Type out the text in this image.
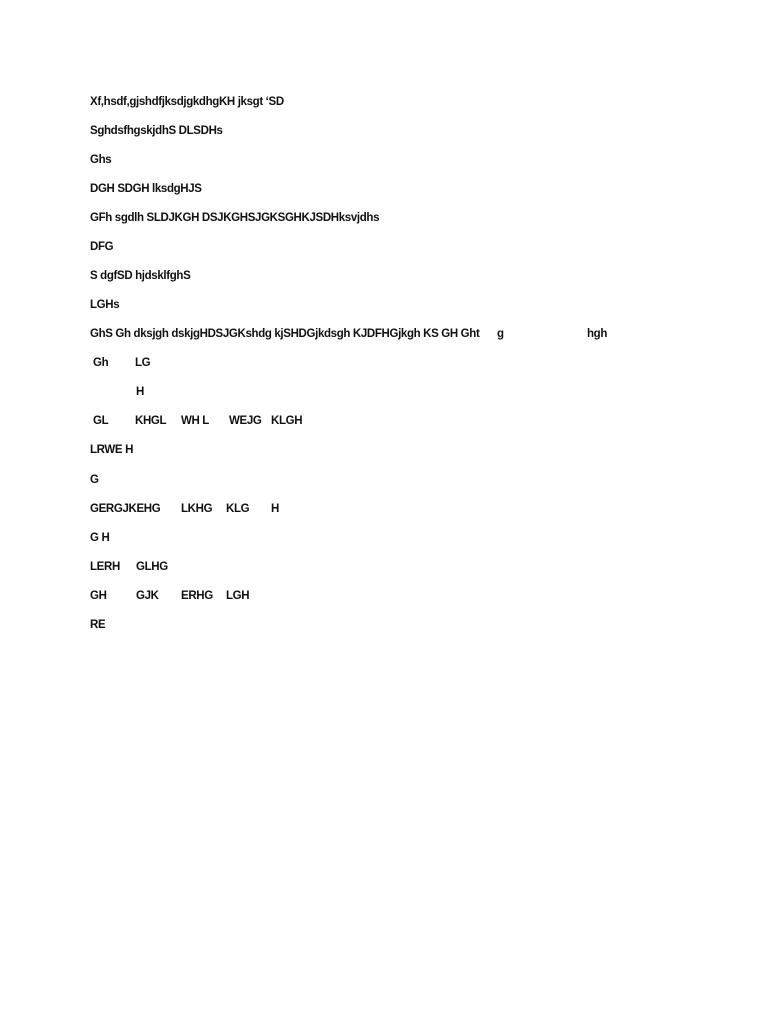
Xf,hsdf,gjshdfjksdjgkdhgKH jksgt ‘SD
SghdsfhgskjdhS DLSDHs
Ghs
DGH SDGH lksdgHJS
GFh sgdlh SLDJKGH DSJKGHSJGKSGHKJSDHksvjdhs
DFG
S dgfSD hjdsklfghS
LGHs

GhS Gh dksjgh dskjgHDSJGKshdg kjSHDGjkdsgh KJDFHGjkgh KS GH Ght

g

	hgh

Gh

LG

H

GL

KHGL

WH L

WEJG

KLGH

LRWE H
G

GERGJKEHG

LKHG

KLG

H

G H

LERH

GLHG

GH

	GJK

ERHG

LGH

RE
